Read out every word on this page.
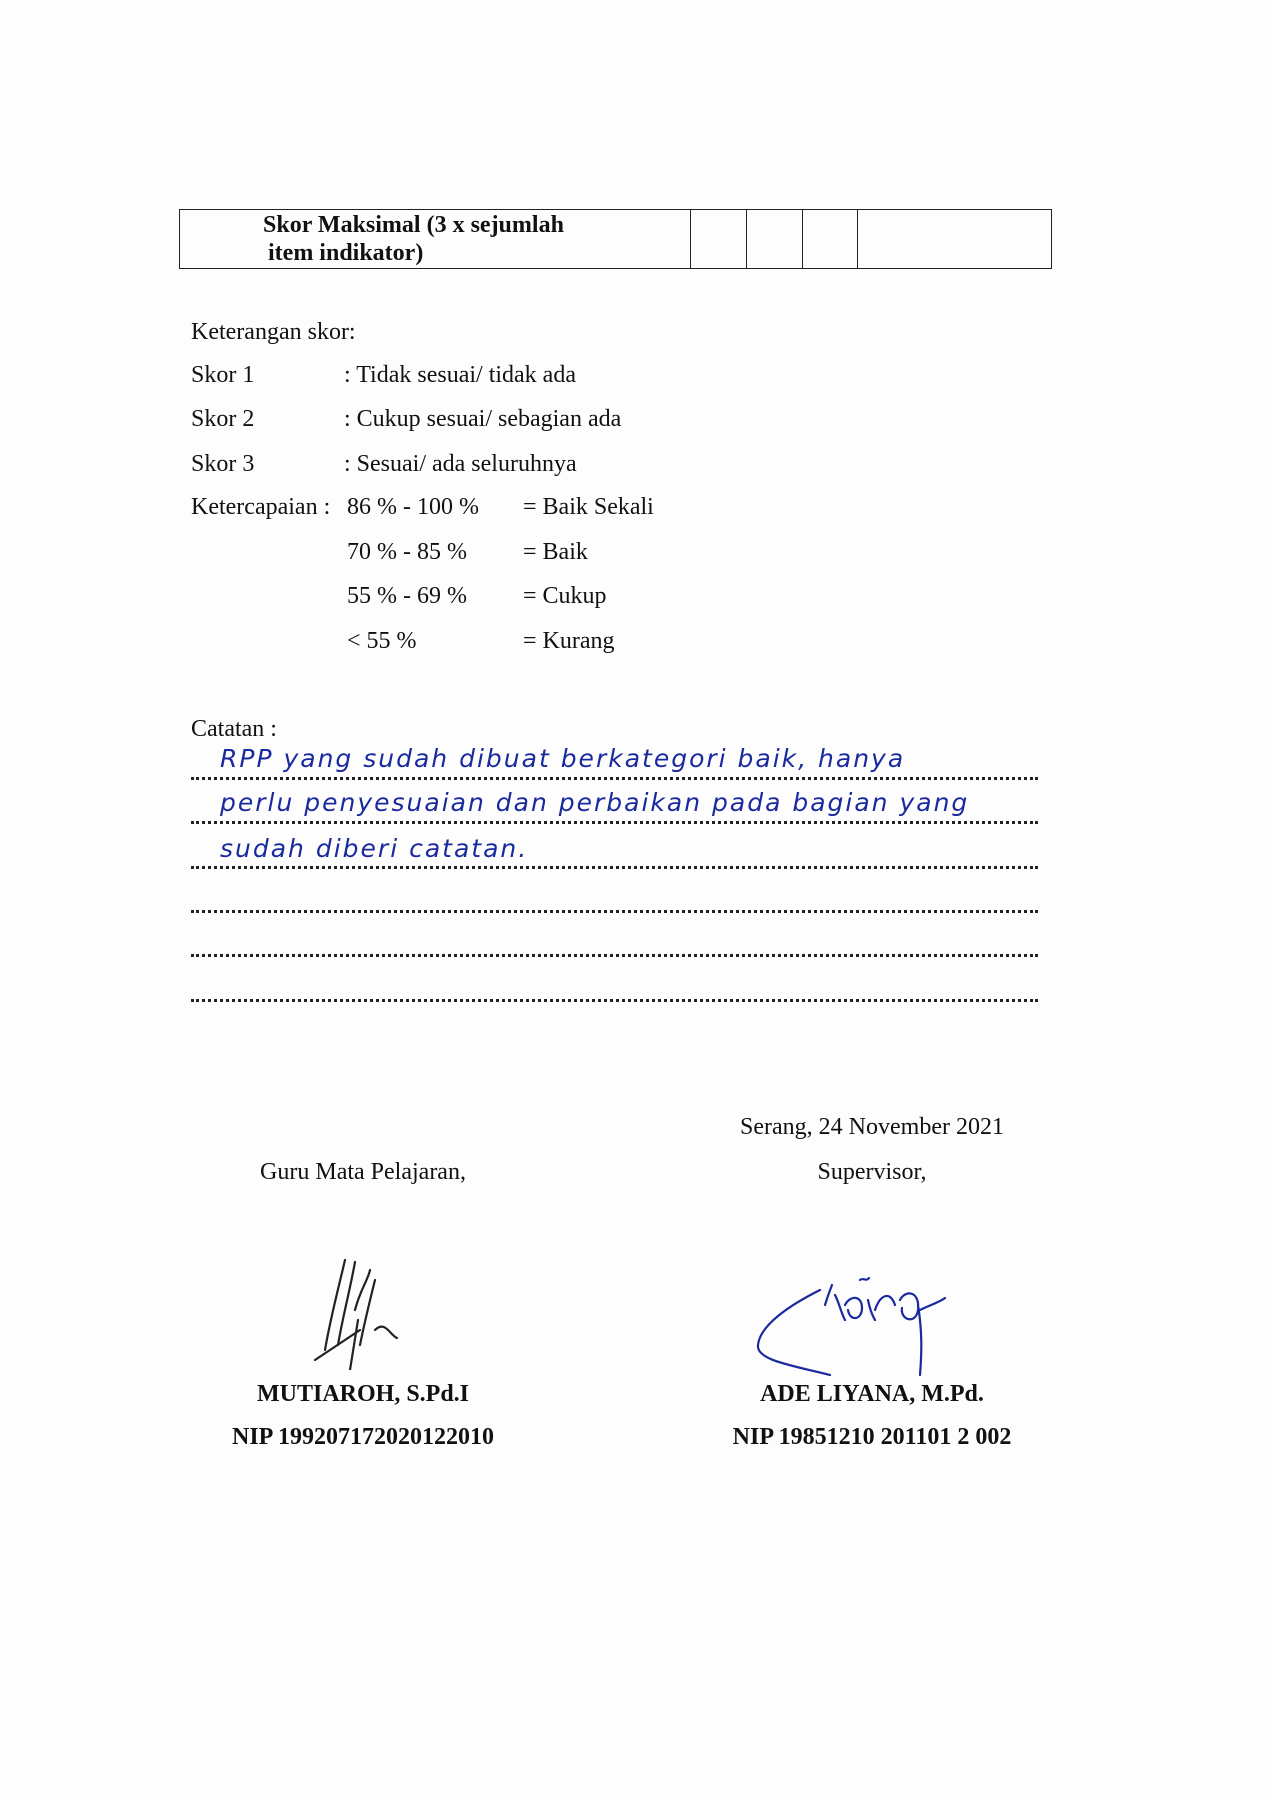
Skor Maksimal (3 x sejumlah
item indikator)

Keterangan skor:
Skor 1	: Tidak sesuai/ tidak ada
Skor 2	: Cukup sesuai/ sebagian ada
Skor 3	: Sesuai/ ada seluruhnya
Ketercapaian : 86 % - 100 % = Baik Sekali
70 % - 85 % = Baik
55 % - 69 % = Cukup
< 55 %	= Kurang
Catatan :
RPP yang sudah dibuat berkategori baik, hanya
perlu penyesuaian dan perbaikan pada bagian yang
sudah diberi catatan.
Serang, 24 November 2021
Guru Mata Pelajaran,	Supervisor,
MUTIAROH, S.Pd.I
NIP 199207172020122010
ADE LIYANA, M.Pd.
NIP 19851210 201101 2 002
